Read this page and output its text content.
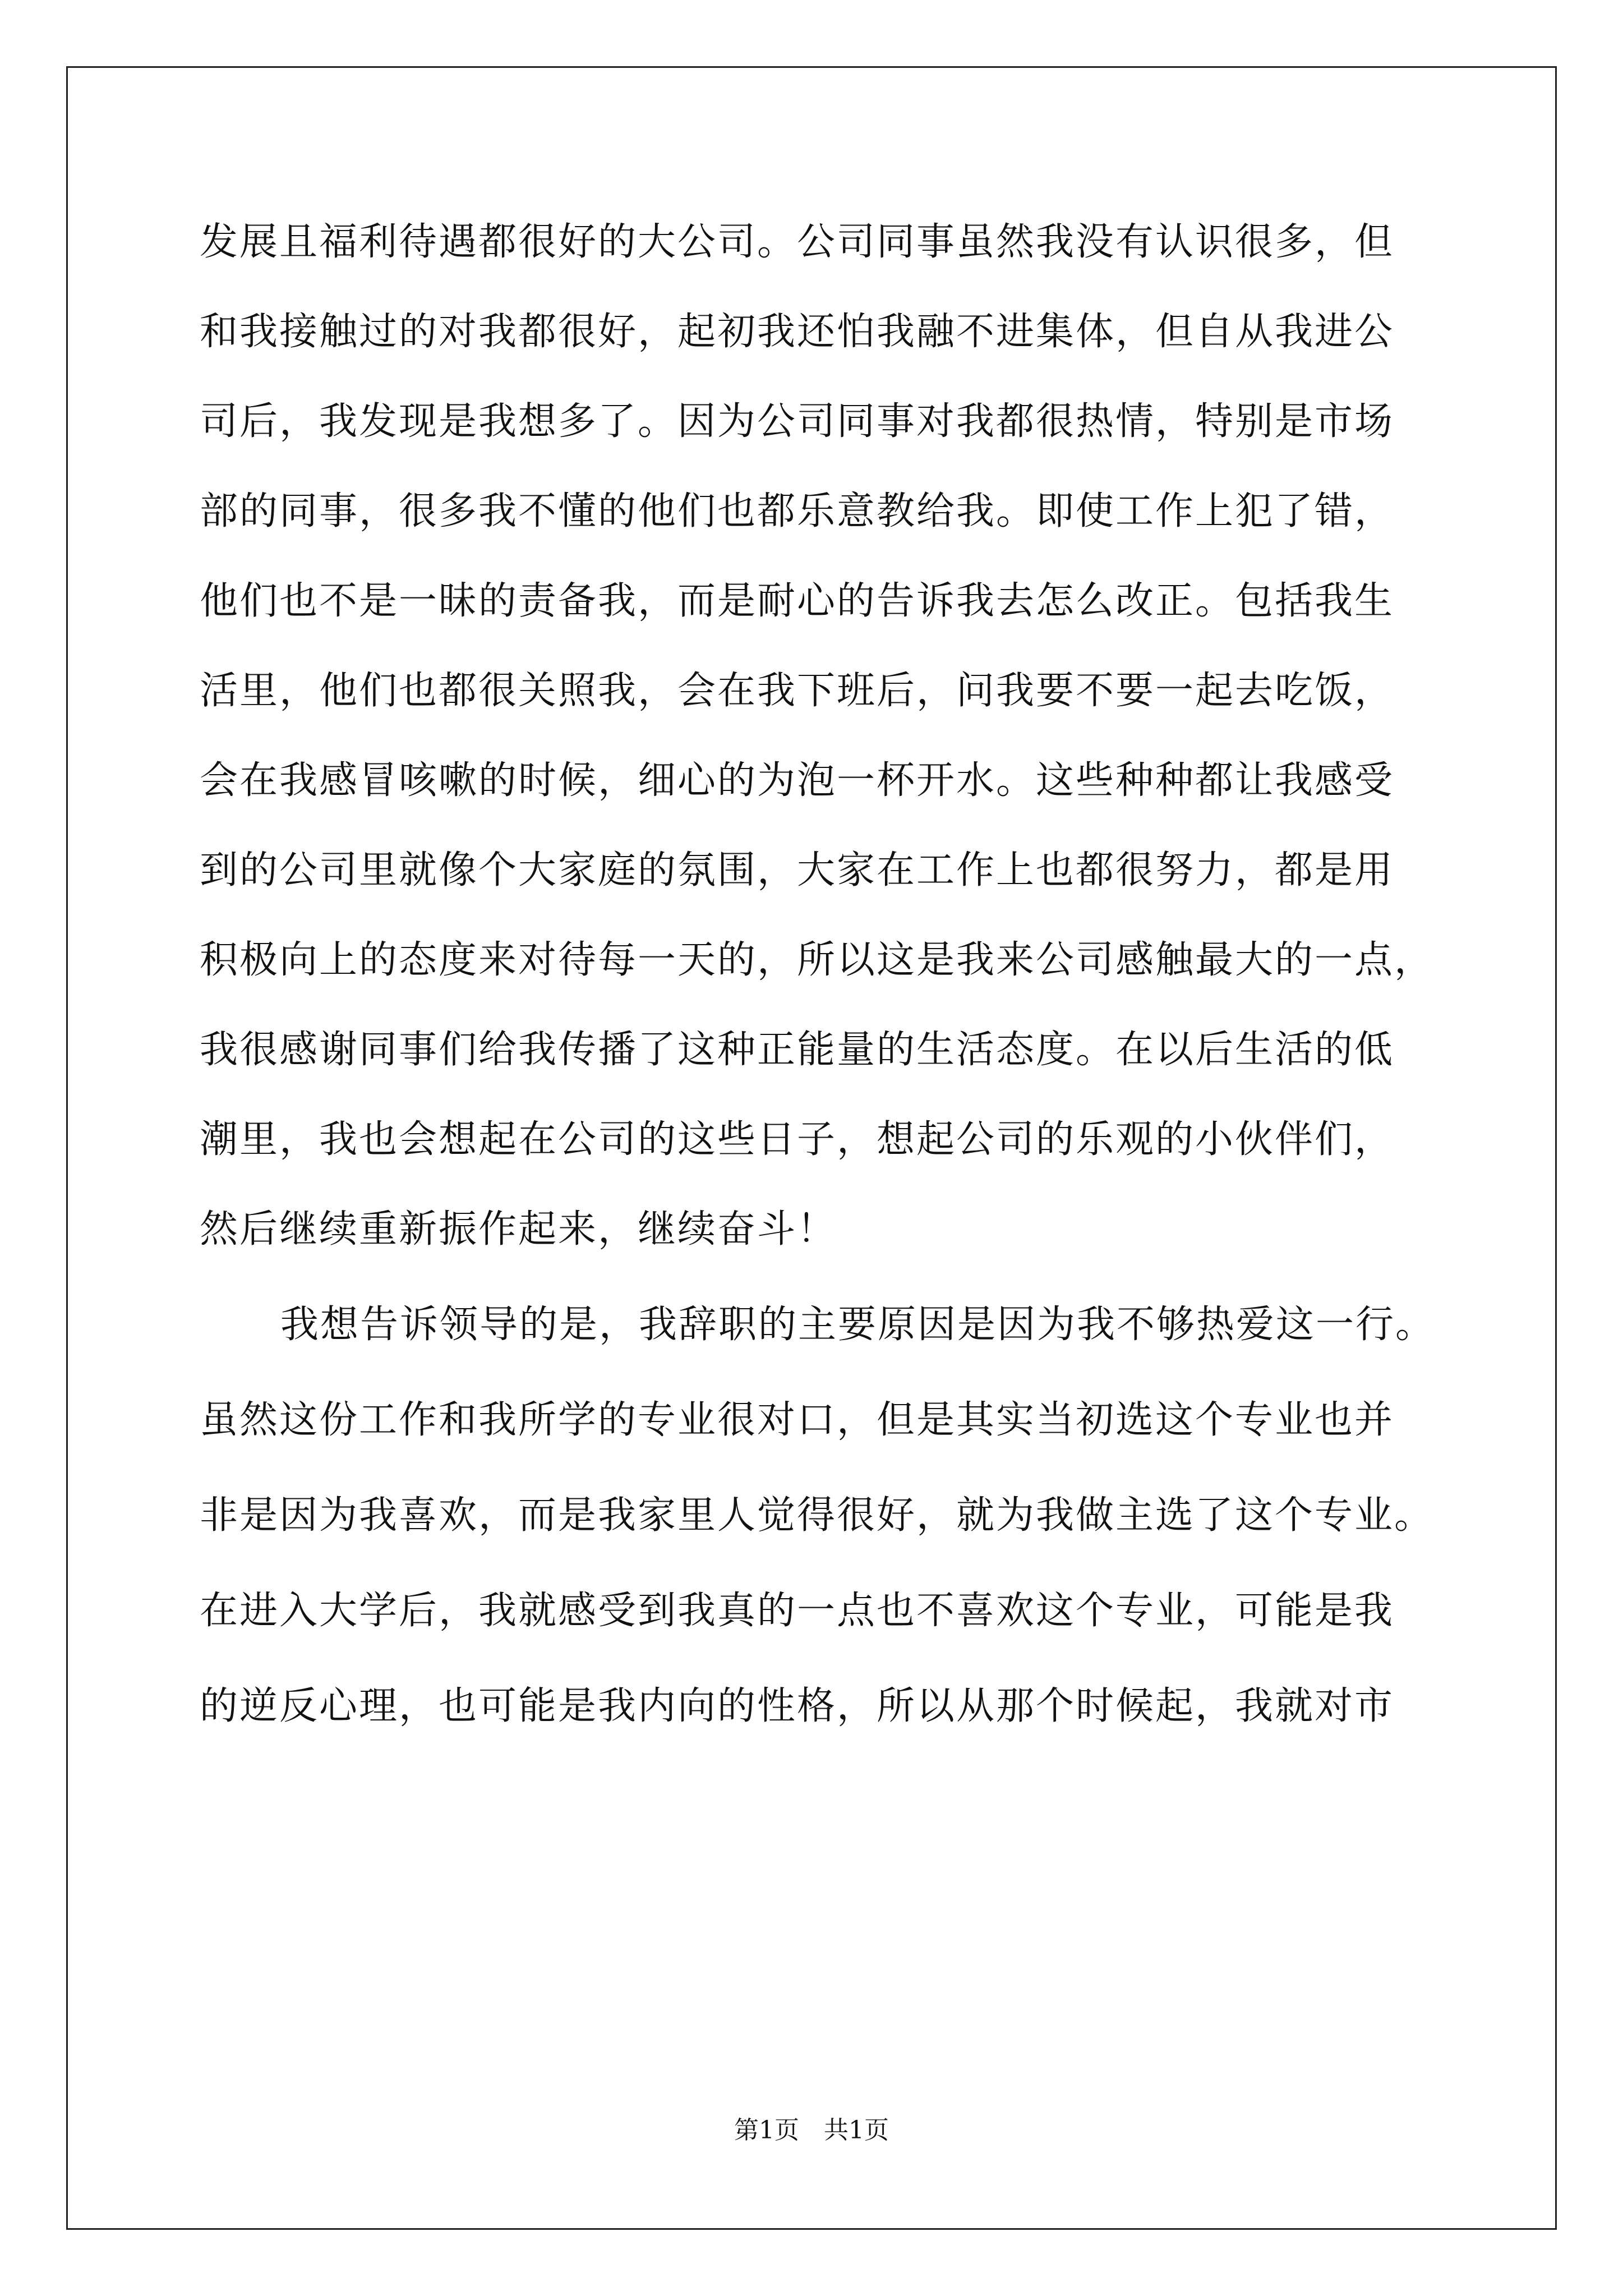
发展且福利待遇都很好的大公司。公司同事虽然我没有认识很多，但
和我接触过的对我都很好，起初我还怕我融不进集体，但自从我进公
司后，我发现是我想多了。因为公司同事对我都很热情，特别是市场
部的同事，很多我不懂的他们也都乐意教给我。即使工作上犯了错，
他们也不是一昧的责备我，而是耐心的告诉我去怎么改正。包括我生
活里，他们也都很关照我，会在我下班后，问我要不要一起去吃饭，
会在我感冒咳嗽的时候，细心的为泡一杯开水。这些种种都让我感受
到的公司里就像个大家庭的氛围，大家在工作上也都很努力，都是用
积极向上的态度来对待每一天的，所以这是我来公司感触最大的一点，
我很感谢同事们给我传播了这种正能量的生活态度。在以后生活的低
潮里，我也会想起在公司的这些日子，想起公司的乐观的小伙伴们，
然后继续重新振作起来，继续奋斗！
我想告诉领导的是，我辞职的主要原因是因为我不够热爱这一行。
虽然这份工作和我所学的专业很对口，但是其实当初选这个专业也并
非是因为我喜欢，而是我家里人觉得很好，就为我做主选了这个专业。
在进入大学后，我就感受到我真的一点也不喜欢这个专业，可能是我
的逆反心理，也可能是我内向的性格，所以从那个时候起，我就对市
第1页　共1页
